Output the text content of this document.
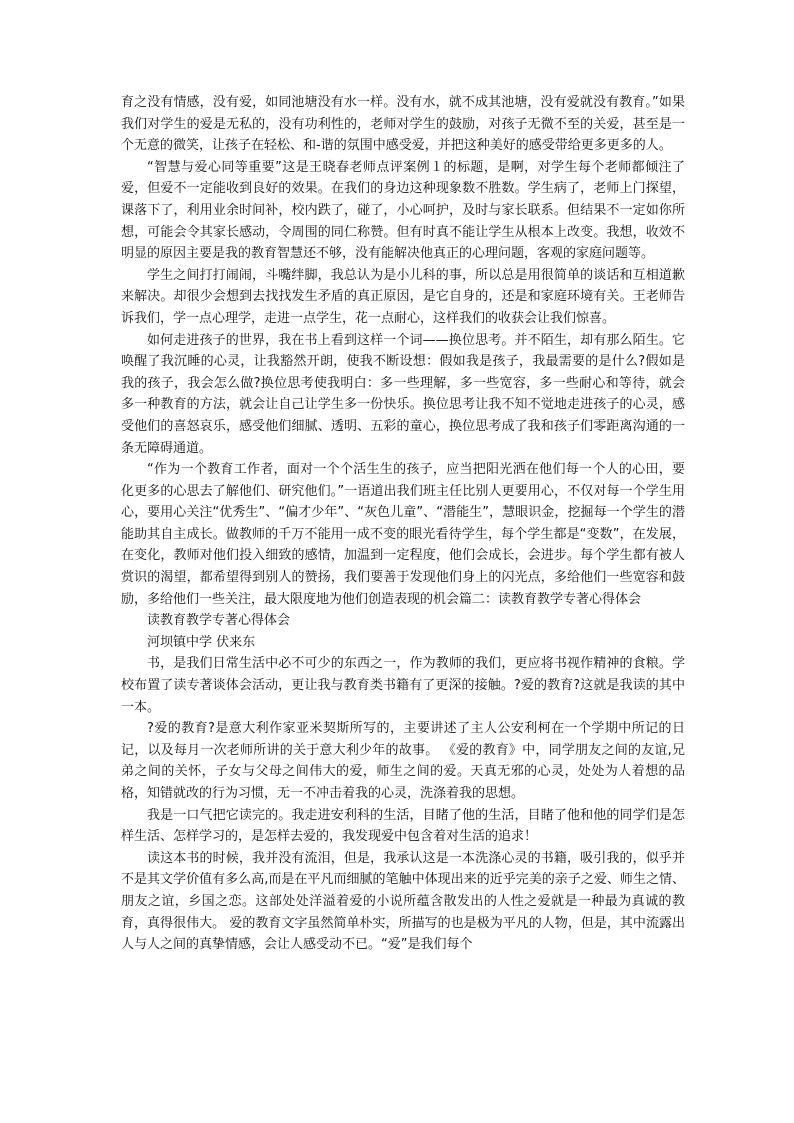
育之没有情感，没有爱，如同池塘没有水一样。没有水，就不成其池塘，没有爱就没有教育。”如果我们对学生的爱是无私的，没有功利性的，老师对学生的鼓励，对孩子无微不至的关爱，甚至是一个无意的微笑，让孩子在轻松、和-谐的氛围中感受爱，并把这种美好的感受带给更多更多的人。

“智慧与爱心同等重要”这是王晓春老师点评案例１的标题，是啊，对学生每个老师都倾注了爱，但爱不一定能收到良好的效果。在我们的身边这种现象数不胜数。学生病了，老师上门探望，课落下了，利用业余时间补，校内跌了，碰了，小心呵护，及时与家长联系。但结果不一定如你所想，可能会令其家长感动，令周围的同仁称赞。但有时真不能让学生从根本上改变。我想，收效不明显的原因主要是我的教育智慧还不够，没有能解决他真正的心理问题，客观的家庭问题等。

学生之间打打闹闹，斗嘴绊脚，我总认为是小儿科的事，所以总是用很简单的谈话和互相道歉来解决。却很少会想到去找找发生矛盾的真正原因，是它自身的，还是和家庭环境有关。王老师告诉我们，学一点心理学，走进一点学生，花一点耐心，这样我们的收获会让我们惊喜。

如何走进孩子的世界，我在书上看到这样一个词——换位思考。并不陌生，却有那么陌生。它唤醒了我沉睡的心灵，让我豁然开朗，使我不断设想：假如我是孩子，我最需要的是什么?假如是我的孩子，我会怎么做?换位思考使我明白：多一些理解，多一些宽容，多一些耐心和等待，就会多一种教育的方法，就会让自己让学生多一份快乐。换位思考让我不知不觉地走进孩子的心灵，感受他们的喜怒哀乐，感受他们细腻、透明、五彩的童心，换位思考成了我和孩子们零距离沟通的一条无障碍通道。

“作为一个教育工作者，面对一个个活生生的孩子，应当把阳光洒在他们每一个人的心田，要化更多的心思去了解他们、研究他们。”一语道出我们班主任比别人更要用心，不仅对每一个学生用心，要用心关注“优秀生”、“偏才少年”、“灰色儿童”、“潜能生”，慧眼识金，挖掘每一个学生的潜能助其自主成长。做教师的千万不能用一成不变的眼光看待学生，每个学生都是“变数”，在发展，在变化，教师对他们投入细致的感情，加温到一定程度，他们会成长，会进步。每个学生都有被人赏识的渴望，都希望得到别人的赞扬，我们要善于发现他们身上的闪光点，多给他们一些宽容和鼓励，多给他们一些关注，最大限度地为他们创造表现的机会篇二：读教育教学专著心得体会

读教育教学专著心得体会

河坝镇中学 伏来东

书，是我们日常生活中必不可少的东西之一，作为教师的我们，更应将书视作精神的食粮。学校布置了读专著谈体会活动，更让我与教育类书籍有了更深的接触。?爱的教育?这就是我读的其中一本。

?爱的教育?是意大利作家亚米契斯所写的，主要讲述了主人公安利柯在一个学期中所记的日记，以及每月一次老师所讲的关于意大利少年的故事。 《爱的教育》中，同学朋友之间的友谊,兄弟之间的关怀，子女与父母之间伟大的爱，师生之间的爱。天真无邪的心灵，处处为人着想的品格，知错就改的行为习惯，无一不冲击着我的心灵，洗涤着我的思想。

我是一口气把它读完的。我走进安利科的生活，目睹了他的生活，目睹了他和他的同学们是怎样生活、怎样学习的，是怎样去爱的，我发现爱中包含着对生活的追求！

读这本书的时候，我并没有流泪，但是，我承认这是一本洗涤心灵的书籍，吸引我的，似乎并不是其文学价值有多么高,而是在平凡而细腻的笔触中体现出来的近乎完美的亲子之爱、师生之情、朋友之谊，乡国之恋。这部处处洋溢着爱的小说所蕴含散发出的人性之爱就是一种最为真诚的教育，真得很伟大。 爱的教育文字虽然简单朴实，所描写的也是极为平凡的人物，但是，其中流露出人与人之间的真挚情感，会让人感受动不已。“爱”是我们每个
